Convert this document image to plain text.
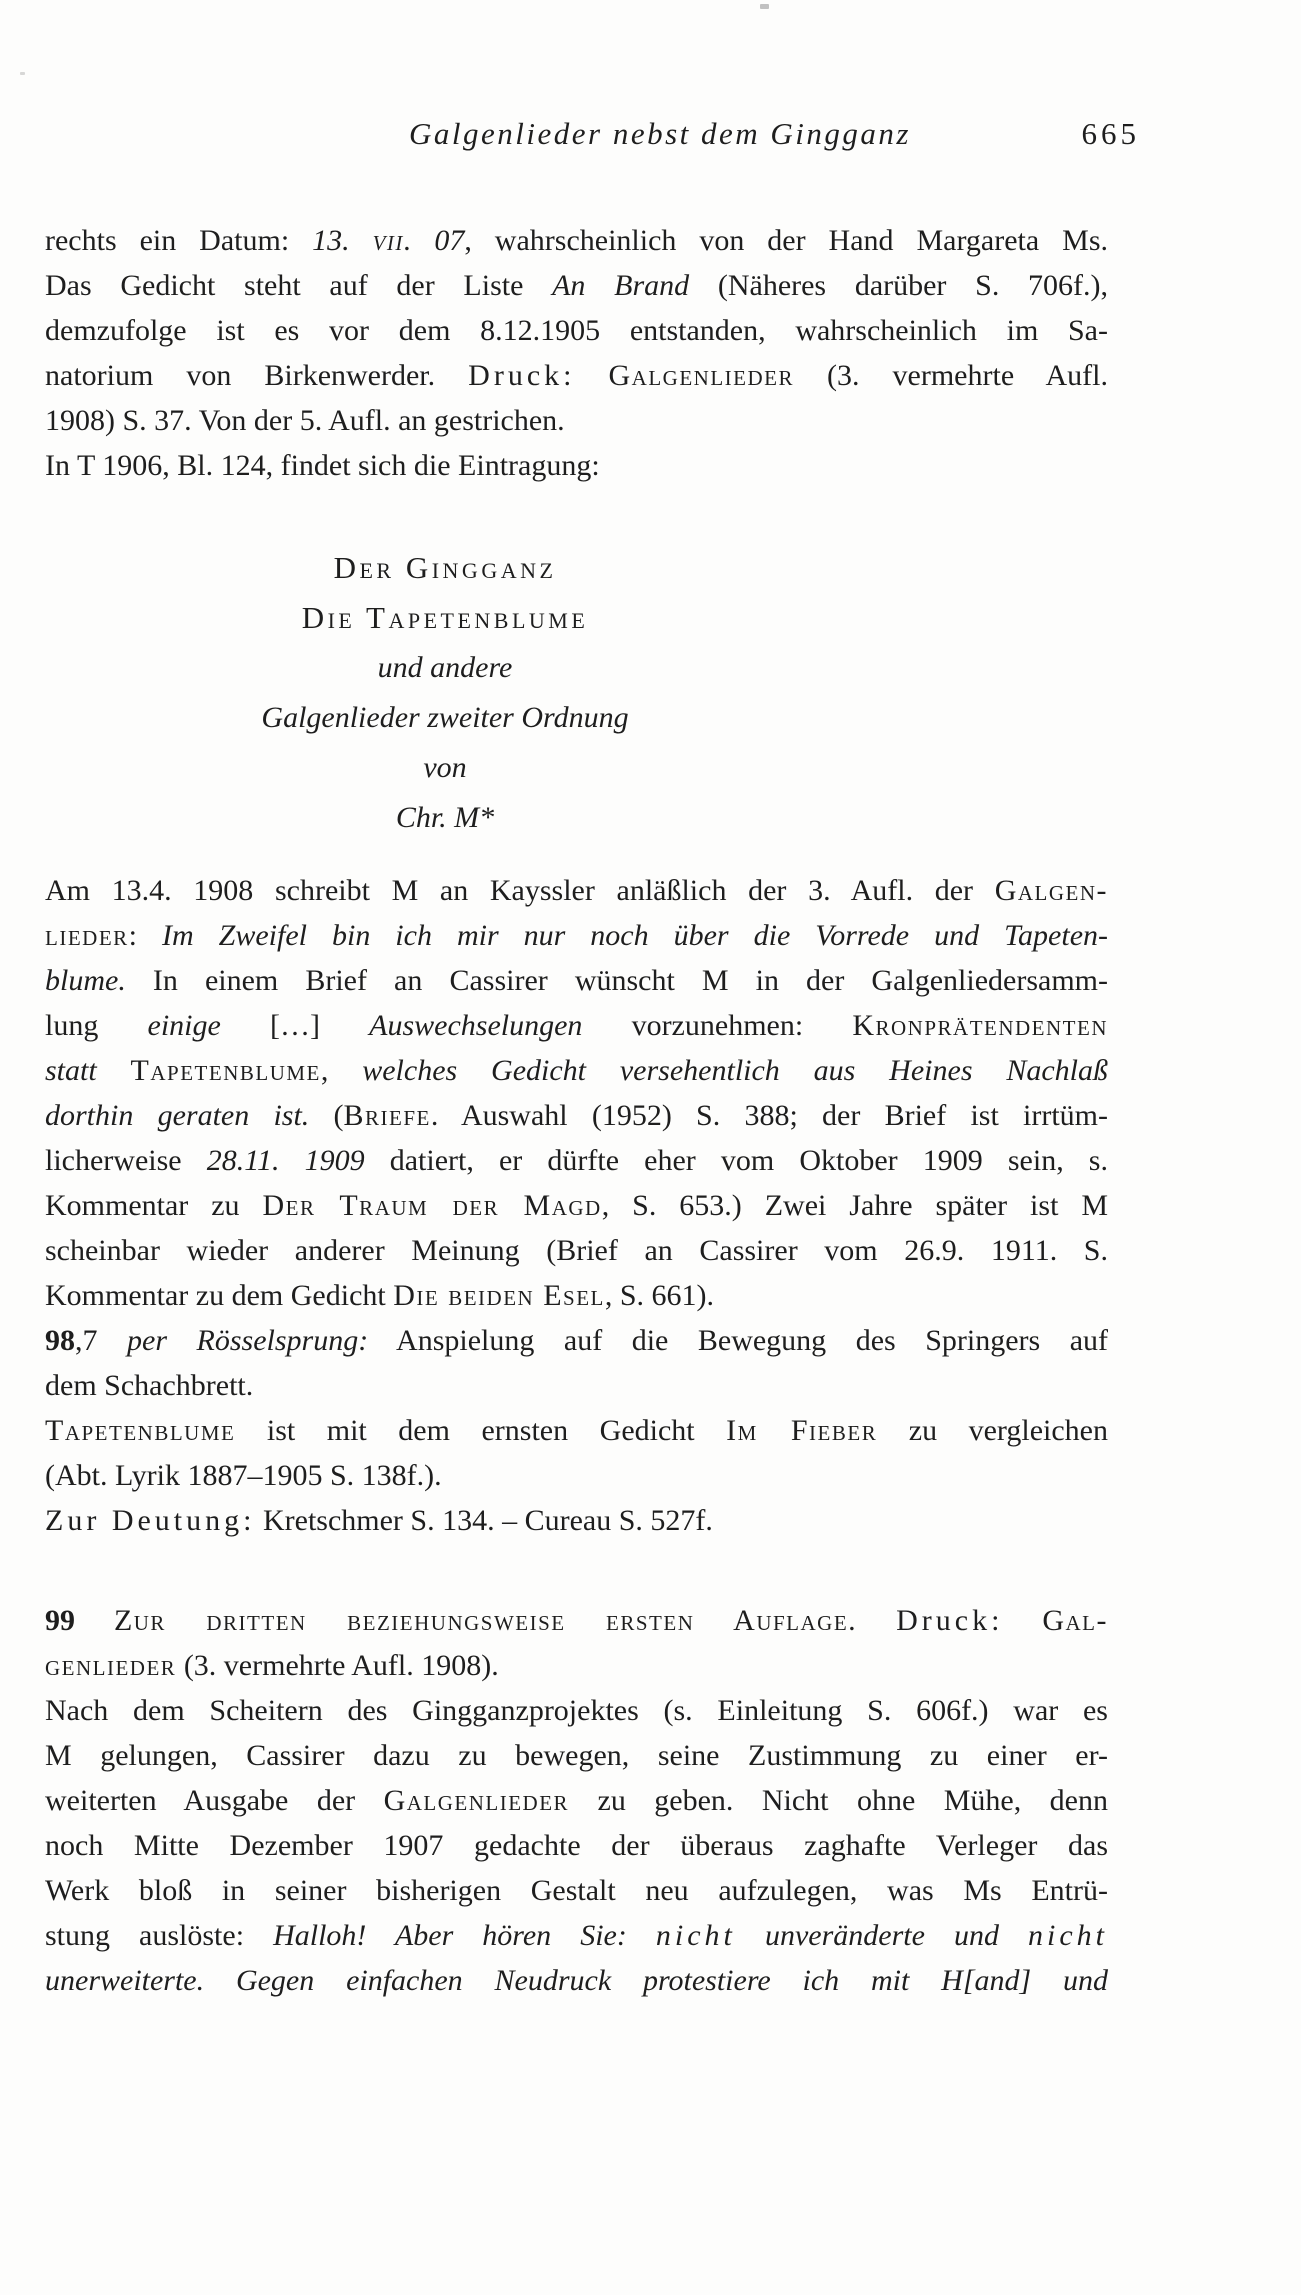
Galgenlieder nebst dem Gingganz	665
rechts ein Datum: 13. vii. 07, wahrscheinlich von der Hand Margareta Ms.
Das Gedicht steht auf der Liste An Brand (Näheres darüber S. 706f.),
demzufolge ist es vor dem 8.12.1905 entstanden, wahrscheinlich im Sa-
natorium von Birkenwerder. Druck: Galgenlieder (3. vermehrte Aufl.
1908) S. 37. Von der 5. Aufl. an gestrichen.
In T 1906, Bl. 124, findet sich die Eintragung:
Der Gingganz
Die Tapetenblume
und andere
Galgenlieder zweiter Ordnung
von
Chr. M*
Am 13.4. 1908 schreibt M an Kayssler anläßlich der 3. Aufl. der Galgen-
lieder: Im Zweifel bin ich mir nur noch über die Vorrede und Tapeten-
blume. In einem Brief an Cassirer wünscht M in der Galgenliedersamm-
lung einige […] Auswechselungen vorzunehmen: Kronprätendenten
statt Tapetenblume, welches Gedicht versehentlich aus Heines Nachlaß
dorthin geraten ist. (Briefe. Auswahl (1952) S. 388; der Brief ist irrtüm-
licherweise 28.11. 1909 datiert, er dürfte eher vom Oktober 1909 sein, s.
Kommentar zu Der Traum der Magd, S. 653.) Zwei Jahre später ist M
scheinbar wieder anderer Meinung (Brief an Cassirer vom 26.9. 1911. S.
Kommentar zu dem Gedicht Die beiden Esel, S. 661).
98,7 per Rösselsprung: Anspielung auf die Bewegung des Springers auf
dem Schachbrett.
Tapetenblume ist mit dem ernsten Gedicht Im Fieber zu vergleichen
(Abt. Lyrik 1887–1905 S. 138f.).
Zur Deutung: Kretschmer S. 134. – Cureau S. 527f.
99 Zur dritten beziehungsweise ersten Auflage. Druck: Gal-
genlieder (3. vermehrte Aufl. 1908).
Nach dem Scheitern des Gingganzprojektes (s. Einleitung S. 606f.) war es
M gelungen, Cassirer dazu zu bewegen, seine Zustimmung zu einer er-
weiterten Ausgabe der Galgenlieder zu geben. Nicht ohne Mühe, denn
noch Mitte Dezember 1907 gedachte der überaus zaghafte Verleger das
Werk bloß in seiner bisherigen Gestalt neu aufzulegen, was Ms Entrü-
stung auslöste: Halloh! Aber hören Sie: nicht unveränderte und nicht
unerweiterte. Gegen einfachen Neudruck protestiere ich mit H[and] und
